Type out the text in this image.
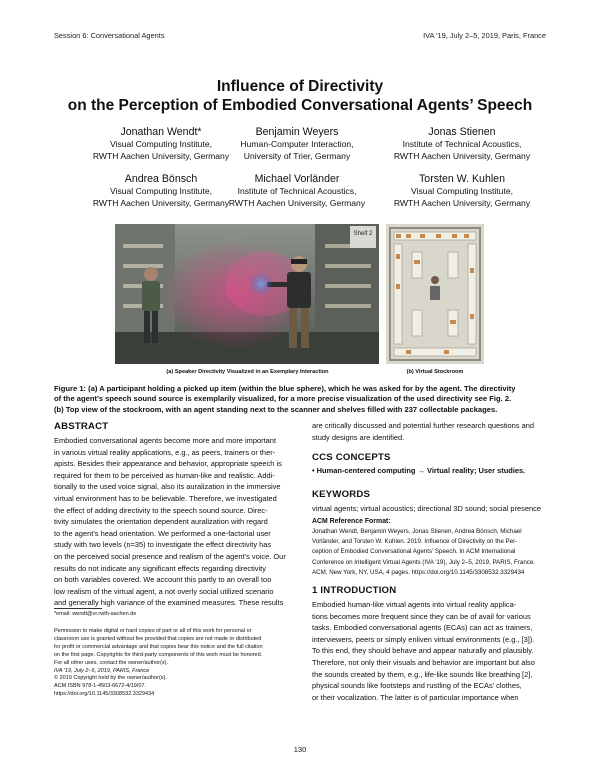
Session 6: Conversational Agents	IVA '19, July 2–5, 2019, Paris, France
Influence of Directivity
on the Perception of Embodied Conversational Agents’ Speech
Jonathan Wendt*
Visual Computing Institute,
RWTH Aachen University, Germany
Benjamin Weyers
Human-Computer Interaction,
University of Trier, Germany
Jonas Stienen
Institute of Technical Acoustics,
RWTH Aachen University, Germany
Andrea Bönsch
Visual Computing Institute,
RWTH Aachen University, Germany
Michael Vorländer
Institute of Technical Acoustics,
RWTH Aachen University, Germany
Torsten W. Kuhlen
Visual Computing Institute,
RWTH Aachen University, Germany
Shelf 2
(a) Speaker Directivity Visualized in an Exemplary Interaction	(b) Virtual Stockroom
Figure 1: (a) A participant holding a picked up item (within the blue sphere), which he was asked for by the agent. The directivity
of the agent’s speech sound source is exemplarily visualized, for a more precise visualization of the used directivity see Fig. 2.
(b) Top view of the stockroom, with an agent standing next to the scanner and shelves filled with 237 collectable packages.
ABSTRACT
Embodied conversational agents become more and more important
in various virtual reality applications, e.g., as peers, trainers or ther-
apists. Besides their appearance and behavior, appropriate speech is
required for them to be perceived as human-like and realistic. Addi-
tionally to the used voice signal, also its auralization in the immersive
virtual environment has to be believable. Therefore, we investigated
the effect of adding directivity to the speech sound source. Direc-
tivity simulates the orientation dependent auralization with regard
to the agent’s head orientation. We performed a one-factorial user
study with two levels (n=35) to investigate the effect directivity has
on the perceived social presence and realism of the agent’s voice. Our
results do not indicate any significant effects regarding directivity
on both variables covered. We account this partly to an overall too
low realism of the virtual agent, a not overly social utilized scenario
and generally high variance of the examined measures. These results
*email: wendt@vr.rwth-aachen.de
Permission to make digital or hard copies of part or all of this work for personal or
classroom use is granted without fee provided that copies are not made or distributed
for profit or commercial advantage and that copies bear this notice and the full citation
on the first page. Copyrights for third-party components of this work must be honored.
For all other uses, contact the owner/author(s).
IVA '19, July 2–5, 2019, PARIS, France
© 2019 Copyright held by the owner/author(s).
ACM ISBN 978-1-4503-6672-4/19/07.
https://doi.org/10.1145/3308532.3329434
are critically discussed and potential further research questions and
study designs are identified.
CCS CONCEPTS
• Human-centered computing → Virtual reality; User studies.
KEYWORDS
virtual agents; virtual acoustics; directional 3D sound; social presence
ACM Reference Format:
Jonathan Wendt, Benjamin Weyers, Jonas Stienen, Andrea Bönsch, Michael
Vorländer, and Torsten W. Kuhlen. 2019. Influence of Directivity on the Per-
ception of Embodied Conversational Agents’ Speech. In ACM International
Conference on Intelligent Virtual Agents (IVA '19), July 2–5, 2019, PARIS, France.
ACM, New York, NY, USA, 4 pages. https://doi.org/10.1145/3308532.3329434
1 INTRODUCTION
Embodied human-like virtual agents into virtual reality applica-
tions becomes more frequent since they can be of avail for various
tasks. Embodied conversational agents (ECAs) can act as trainers,
interviewers, peers or simply enliven virtual environments (e.g., [3]).
To this end, they should behave and appear naturally and plausibly.
Therefore, not only their visuals and behavior are important but also
the sounds created by them, e.g., life-like sounds like breathing [2],
physical sounds like footsteps and rustling of the ECAs’ clothes,
or their vocalization. The latter is of particular importance when
130
